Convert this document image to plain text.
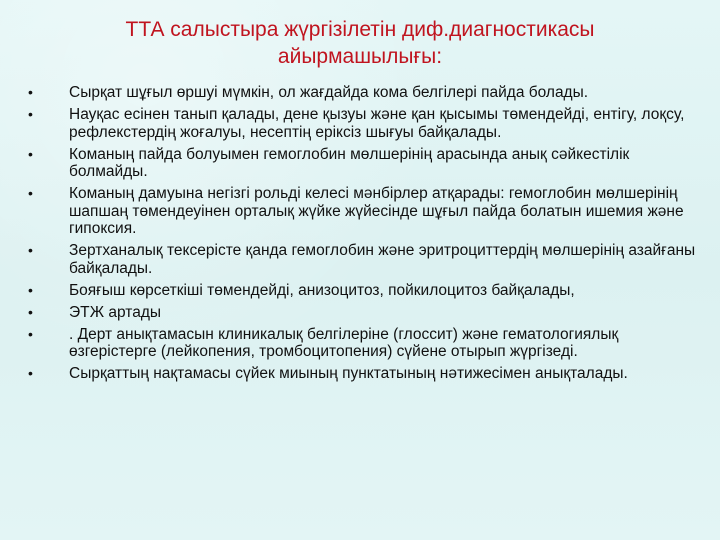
ТТА салыстыра жүргізілетін диф.диагностикасы
айырмашылығы:
•	Сырқат шұғыл өршуі мүмкін, ол жағдайда кома белгілері пайда болады.
•	Науқас есінен танып қалады, дене қызуы және қан қысымы төмендейді, ентігу, лоқсу, рефлекстердің жоғалуы, несептің еріксіз шығуы байқалады.
•	Команың пайда болуымен гемоглобин мөлшерінің арасында анық сәйкестілік болмайды.
•	Команың дамуына негізгі рольді келесі мәнбірлер атқарады: гемоглобин мөлшерінің шапшаң төмендеуінен орталық жүйке жүйесінде шұғыл пайда болатын ишемия және гипоксия.
•	Зертханалық тексерісте қанда гемоглобин және эритроциттердің мөлшерінің азайғаны байқалады.
•	Бояғыш көрсеткіші төмендейді, анизоцитоз, пойкилоцитоз байқалады,
•	ЭТЖ артады
•	. Дерт анықтамасын клиникалық белгілеріне (глоссит) және гематологиялық өзгерістерге (лейкопения, тромбоцитопения) сүйене отырып жүргізеді.
•	Сырқаттың нақтамасы сүйек миының пунктатының нәтижесімен анықталады.
